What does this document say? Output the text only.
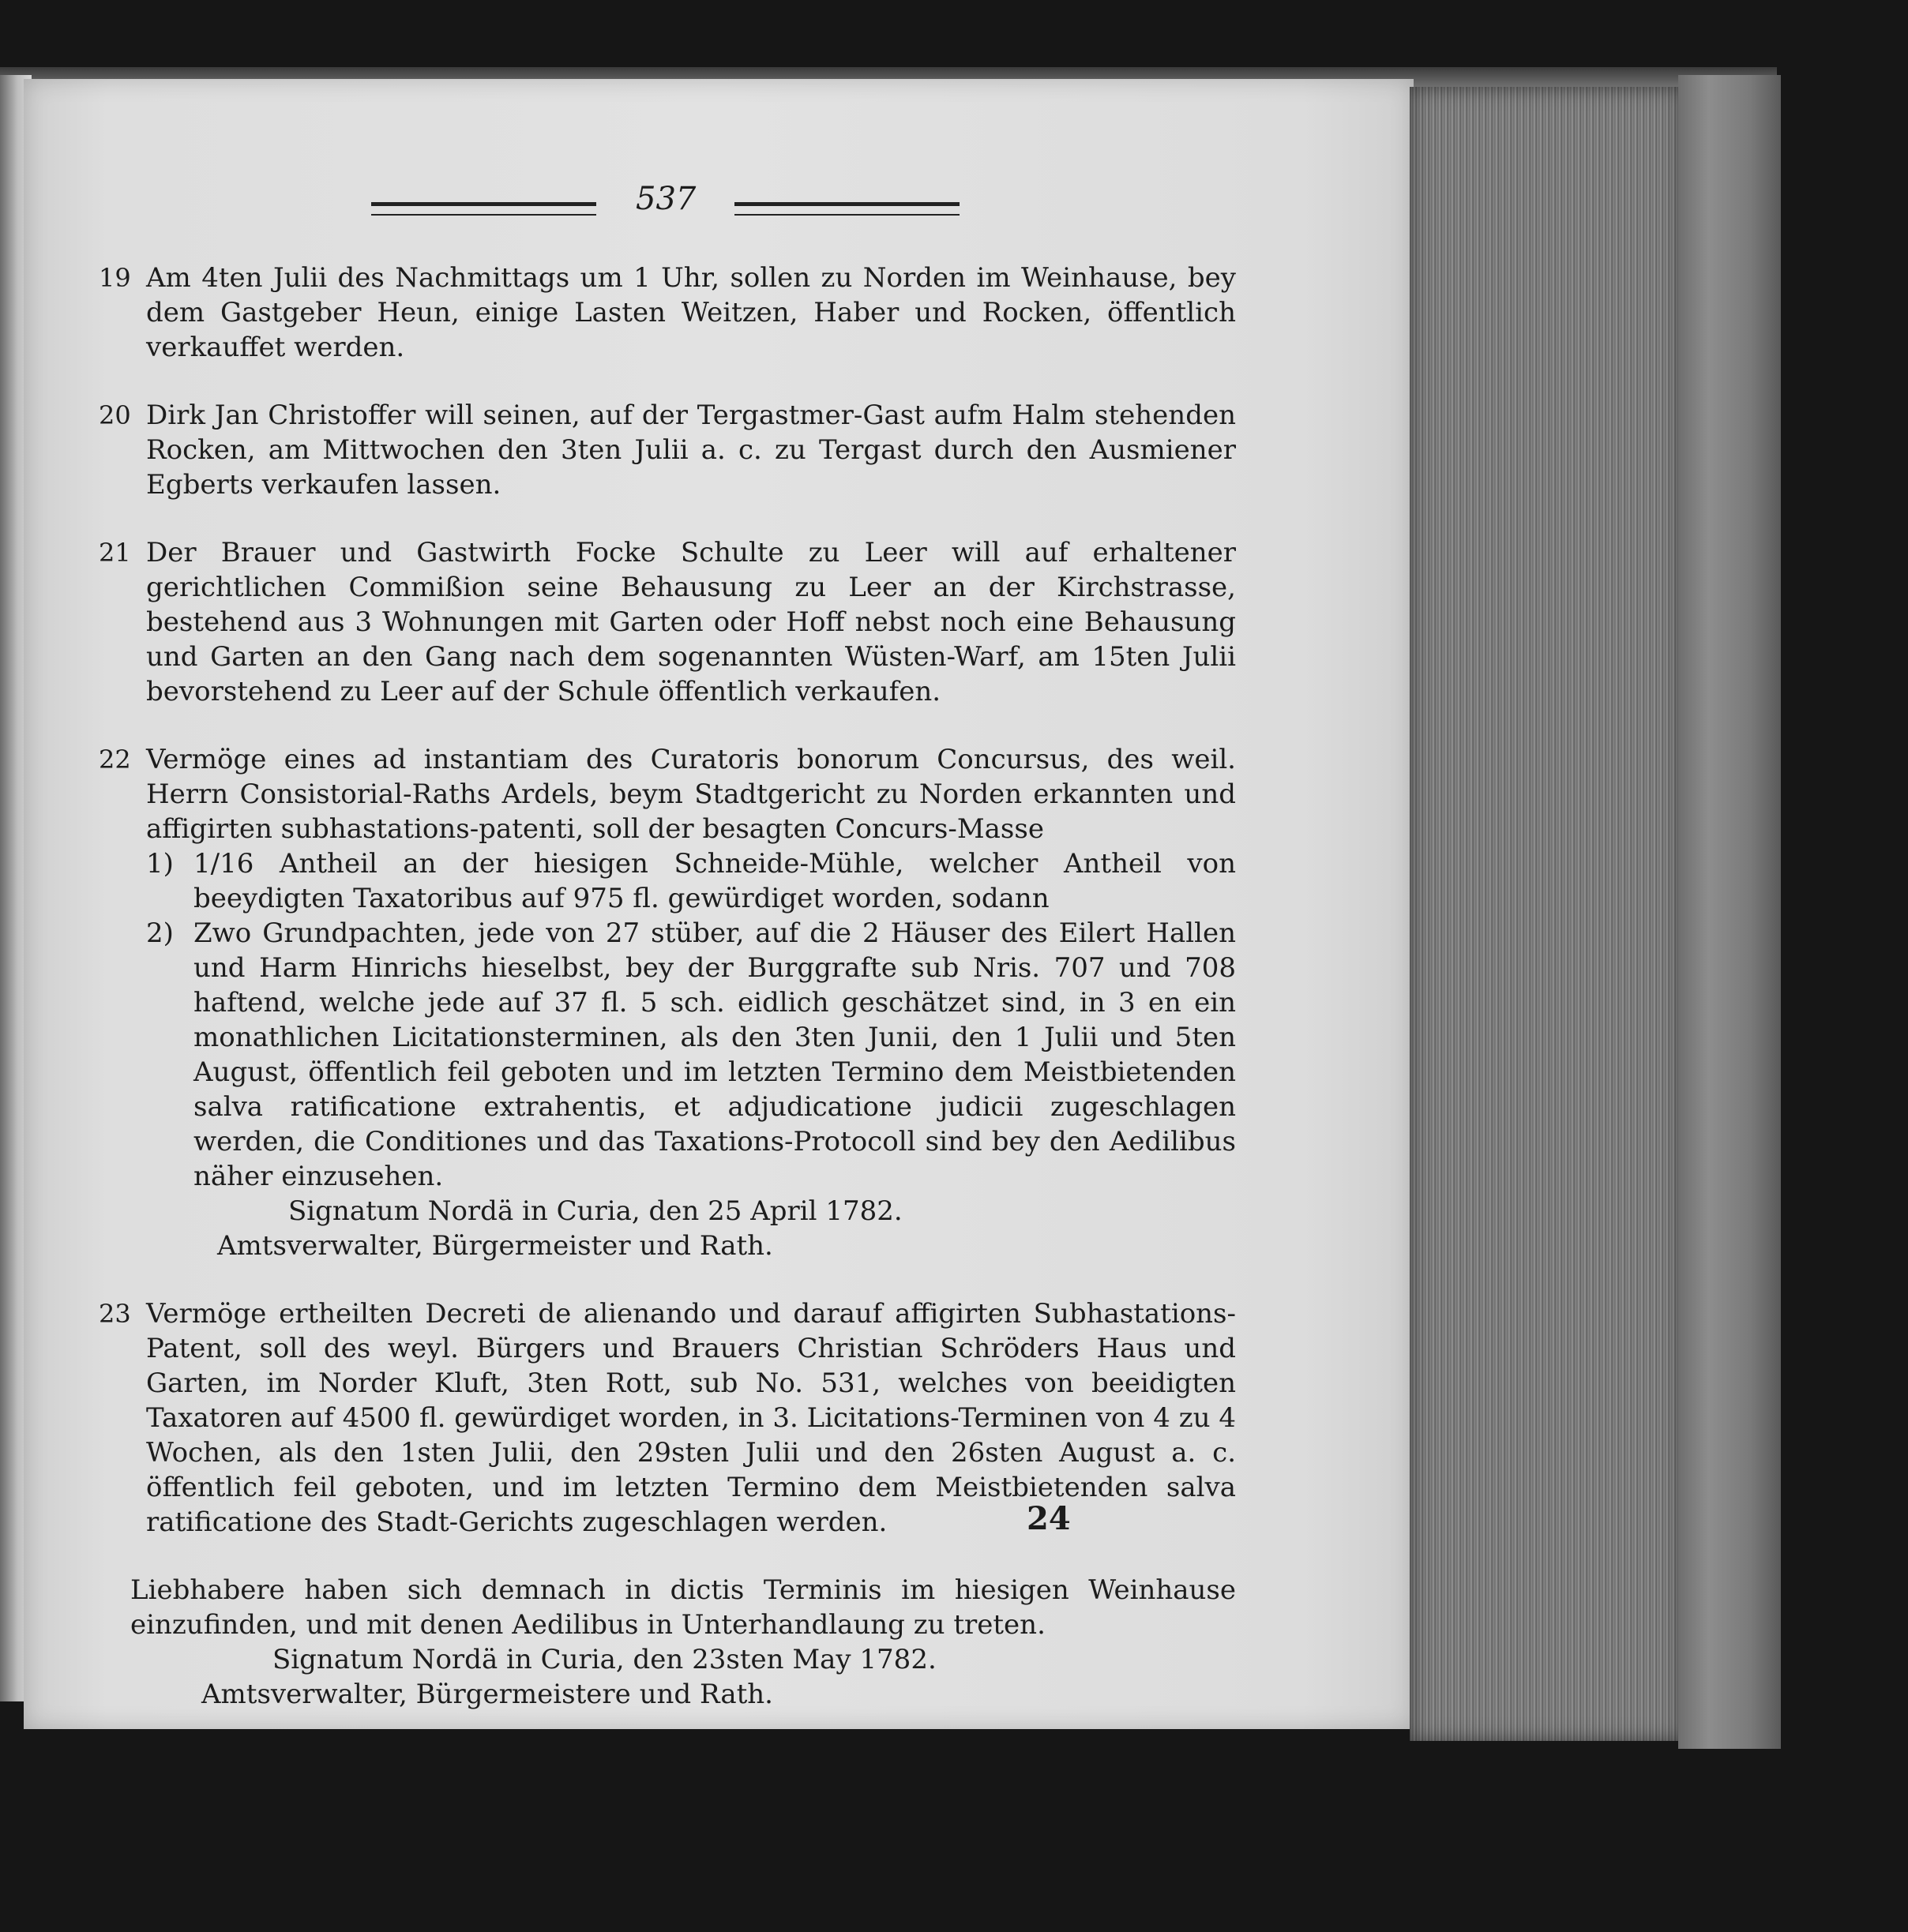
537
19 Am 4ten Julii des Nachmittags um 1 Uhr, sollen zu Norden im Weinhause, bey dem Gastgeber Heun, einige Lasten Weitzen, Haber und Rocken, öffentlich verkauffet werden.
20 Dirk Jan Christoffer will seinen, auf der Tergastmer-Gast aufm Halm stehenden Rocken, am Mittwochen den 3ten Julii a. c. zu Tergast durch den Ausmiener Egberts verkaufen lassen.
21 Der Brauer und Gastwirth Focke Schulte zu Leer will auf erhaltener gerichtlichen Commißion seine Behausung zu Leer an der Kirchstrasse, bestehend aus 3 Wohnungen mit Garten oder Hoff nebst noch eine Behausung und Garten an den Gang nach dem sogenannten Wüsten-Warf, am 15ten Julii bevorstehend zu Leer auf der Schule öffentlich verkaufen.
22 Vermöge eines ad instantiam des Curatoris bonorum Concursus, des weil. Herrn Consistorial-Raths Ardels, beym Stadtgericht zu Norden erkannten und affigirten subhastations-patenti, soll der besagten Concurs-Masse
1) 1/16 Antheil an der hiesigen Schneide-Mühle, welcher Antheil von beeydigten Taxatoribus auf 975 fl. gewürdiget worden, sodann
2) Zwo Grundpachten, jede von 27 stüber, auf die 2 Häuser des Eilert Hallen und Harm Hinrichs hieselbst, bey der Burggrafte sub Nris. 707 und 708 haftend, welche jede auf 37 fl. 5 sch. eidlich geschätzet sind, in 3 en ein monathlichen Licitationsterminen, als den 3ten Junii, den 1 Julii und 5ten August, öffentlich feil geboten und im letzten Termino dem Meistbietenden salva ratificatione extrahentis, et adjudicatione judicii zugeschlagen werden, die Conditiones und das Taxations-Protocoll sind bey den Aedilibus näher einzusehen.
Signatum Nordä in Curia, den 25 April 1782.
Amtsverwalter, Bürgermeister und Rath.
23 Vermöge ertheilten Decreti de alienando und darauf affigirten Subhastations-Patent, soll des weyl. Bürgers und Brauers Christian Schröders Haus und Garten, im Norder Kluft, 3ten Rott, sub No. 531, welches von beeidigten Taxatoren auf 4500 fl. gewürdiget worden, in 3. Licitations-Terminen von 4 zu 4 Wochen, als den 1sten Julii, den 29sten Julii und den 26sten August a. c. öffentlich feil geboten, und im letzten Termino dem Meistbietenden salva ratificatione des Stadt-Gerichts zugeschlagen werden.
Liebhabere haben sich demnach in dictis Terminis im hiesigen Weinhause einzufinden, und mit denen Aedilibus in Unterhandlaung zu treten.
Signatum Nordä in Curia, den 23sten May 1782.
Amtsverwalter, Bürgermeistere und Rath.
24
